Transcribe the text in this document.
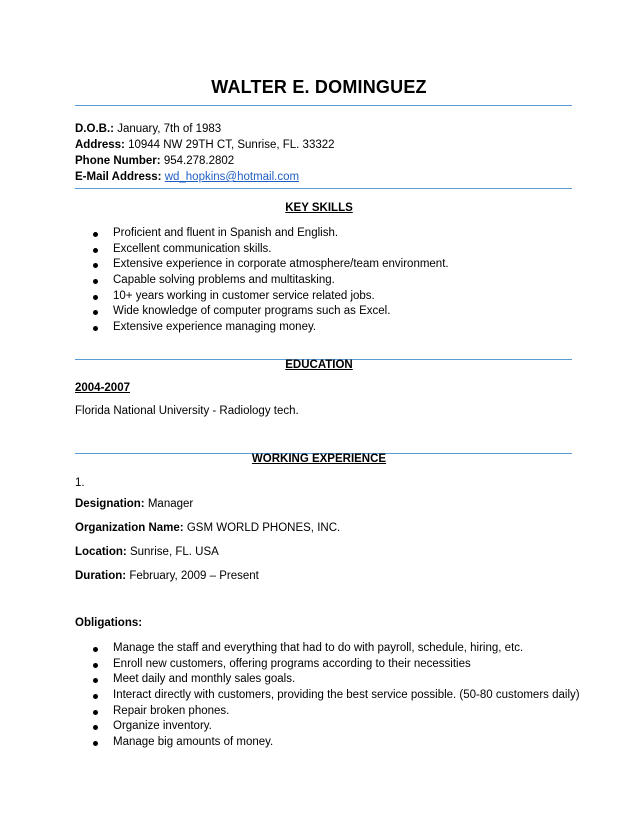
WALTER E. DOMINGUEZ
D.O.B.: January, 7th of 1983
Address: 10944 NW 29TH CT, Sunrise, FL. 33322
Phone Number: 954.278.2802
E-Mail Address: wd_hopkins@hotmail.com
KEY SKILLS
Proficient and fluent in Spanish and English.
Excellent communication skills.
Extensive experience in corporate atmosphere/team environment.
Capable solving problems and multitasking.
10+ years working in customer service related jobs.
Wide knowledge of computer programs such as Excel.
Extensive experience managing money.
EDUCATION
2004-2007
Florida National University - Radiology tech.
WORKING EXPERIENCE
1.
Designation: Manager
Organization Name: GSM WORLD PHONES, INC.
Location: Sunrise, FL. USA
Duration: February, 2009 – Present
Obligations:
Manage the staff and everything that had to do with payroll, schedule, hiring, etc.
Enroll new customers, offering programs according to their necessities
Meet daily and monthly sales goals.
Interact directly with customers, providing the best service possible. (50-80 customers daily)
Repair broken phones.
Organize inventory.
Manage big amounts of money.
